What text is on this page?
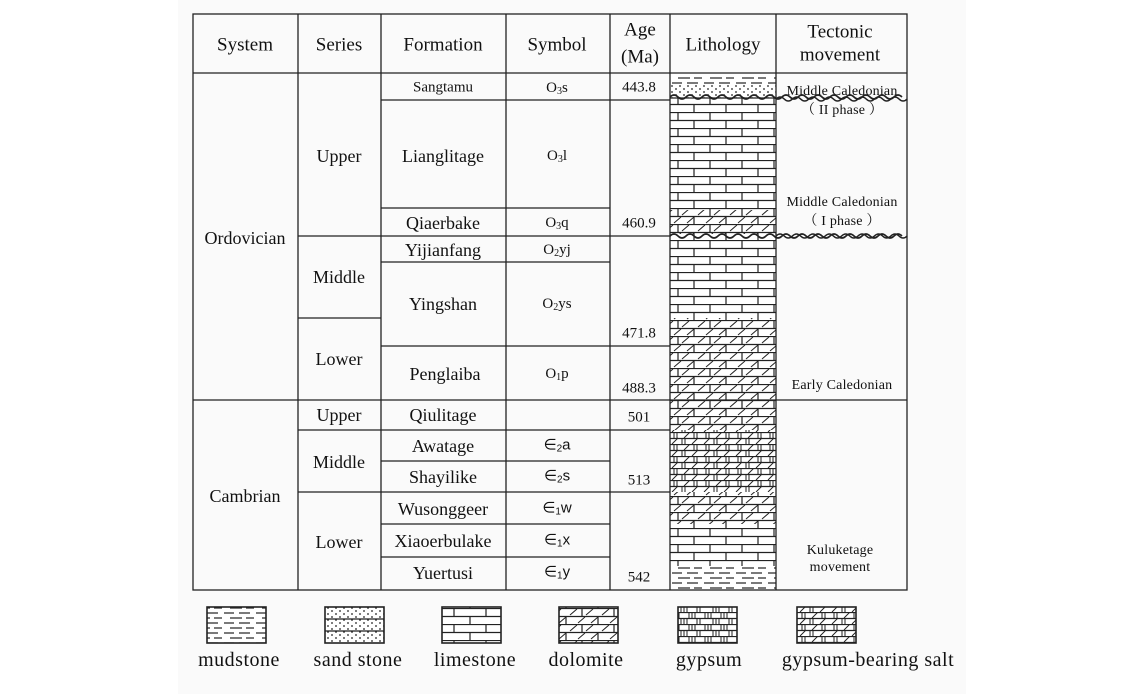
System Series Formation Symbol
Age
(Ma)
Lithology
Tectonic
movement
Ordovician
Cambrian
Upper
Middle
Lower
Upper
Middle
Lower
Sangtamu
Lianglitage
Qiaerbake
Yijianfang
Yingshan
Penglaiba
Qiulitage
Awatage
Shayilike
Wusonggeer
Xiaoerbulake
Yuertusi
$O_3s$
$O_3l$
$O_3q$
$O_2yj$
$O_2ys$
$O_1p$
$\in_2a$
$\in_2s$
$\in_1w$
$\in_1x$
$\in_1y$
443.8
460.9
471.8
488.3
501
513
542
Middle Caledonian
（ II phase ）
Middle Caledonian
（ I phase ）
Early Caledonian
Kuluketage
movement
mudstone sand stone limestone dolomite	gypsum gypsum-bearing salt
